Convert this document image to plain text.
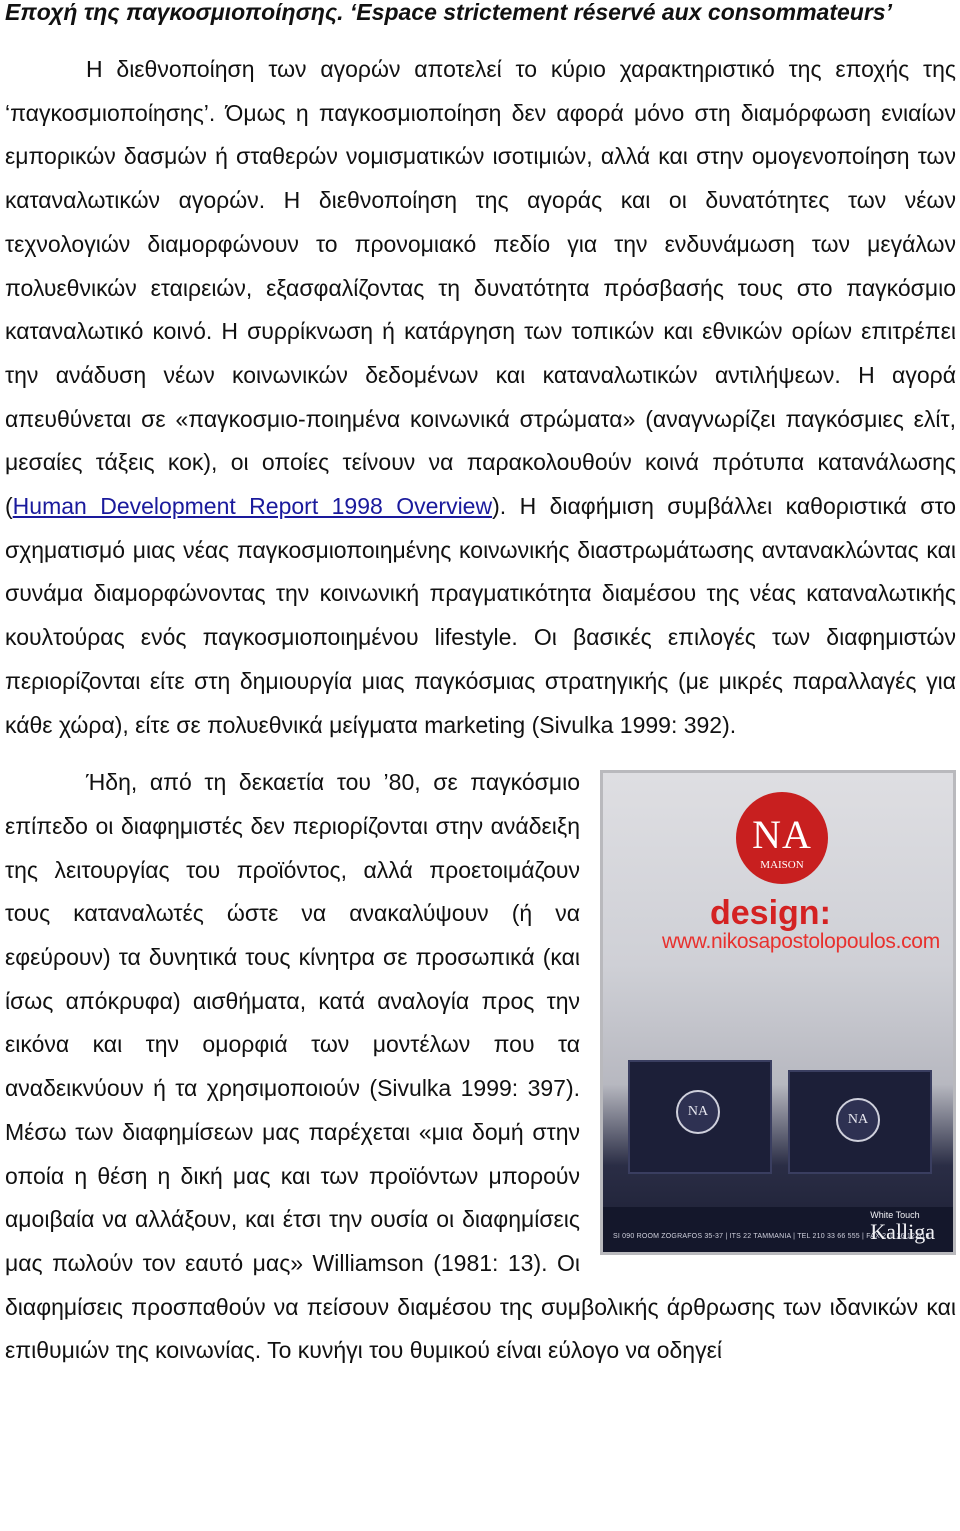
Εποχή της παγκοσμιοποίησης. ‘Espace strictement réservé aux consommateurs’

Η διεθνοποίηση των αγορών αποτελεί το κύριο χαρακτηριστικό της εποχής της ‘παγκοσμιοποίησης’. Όμως η παγκοσμιοποίηση δεν αφορά μόνο στη διαμόρφωση ενιαίων εμπορικών δασμών ή σταθερών νομισματικών ισοτιμιών, αλλά και στην ομογενοποίηση των καταναλωτικών αγορών. Η διεθνοποίηση της αγοράς και οι δυνατότητες των νέων τεχνολογιών διαμορφώνουν το προνομιακό πεδίο για την ενδυνάμωση των μεγάλων πολυεθνικών εταιρειών, εξασφαλίζοντας τη δυνατότητα πρόσβασής τους στο παγκόσμιο καταναλωτικό κοινό. Η συρρίκνωση ή κατάργηση των τοπικών και εθνικών ορίων επιτρέπει την ανάδυση νέων κοινωνικών δεδομένων και καταναλωτικών αντιλήψεων. Η αγορά απευθύνεται σε «παγκοσμιο-ποιημένα κοινωνικά στρώματα» (αναγνωρίζει παγκόσμιες ελίτ, μεσαίες τάξεις κοκ), οι οποίες τείνουν να παρακολουθούν κοινά πρότυπα κατανάλωσης (Human Development Report 1998 Overview). Η διαφήμιση συμβάλλει καθοριστικά στο σχηματισμό μιας νέας παγκοσμιοποιημένης κοινωνικής διαστρωμάτωσης αντανακλώντας και συνάμα διαμορφώνοντας την κοινωνική πραγματικότητα διαμέσου της νέας καταναλωτικής κουλτούρας ενός παγκοσμιοποιημένου lifestyle. Οι βασικές επιλογές των διαφημιστών περιορίζονται είτε στη δημιουργία μιας παγκόσμιας στρατηγικής (με μικρές παραλλαγές για κάθε χώρα), είτε σε πολυεθνικά μείγματα marketing (Sivulka 1999: 392).

NA
MAISON
design:
www.nikosapostolopoulos.com
NA
NA
SI 090 ROOM ZOGRAFOS 35-37 | ITS 22 TAMMANIA | TEL 210 33 66 555 | FAX 210 36 12 319
White Touch
Kalliga

Ήδη, από τη δεκαετία του ’80, σε παγκόσμιο επίπεδο οι διαφημιστές δεν περιορίζονται στην ανάδειξη της λειτουργίας του προϊόντος, αλλά προετοιμάζουν τους καταναλωτές ώστε να ανακαλύψουν (ή να εφεύρουν) τα δυνητικά τους κίνητρα σε προσωπικά (και ίσως απόκρυφα) αισθήματα, κατά αναλογία προς την εικόνα και την ομορφιά των μοντέλων που τα αναδεικνύουν ή τα χρησιμοποιούν (Sivulka 1999: 397). Μέσω των διαφημίσεων μας παρέχεται «μια δομή στην οποία η θέση η δική μας και των προϊόντων μπορούν αμοιβαία να αλλάξουν, και έτσι την ουσία οι διαφημίσεις μας πωλούν τον εαυτό μας» Williamson (1981: 13). Οι διαφημίσεις προσπαθούν να πείσουν διαμέσου της συμβολικής άρθρωσης των ιδανικών και επιθυμιών της κοινωνίας. Το κυνήγι του θυμικού είναι εύλογο να οδηγεί
